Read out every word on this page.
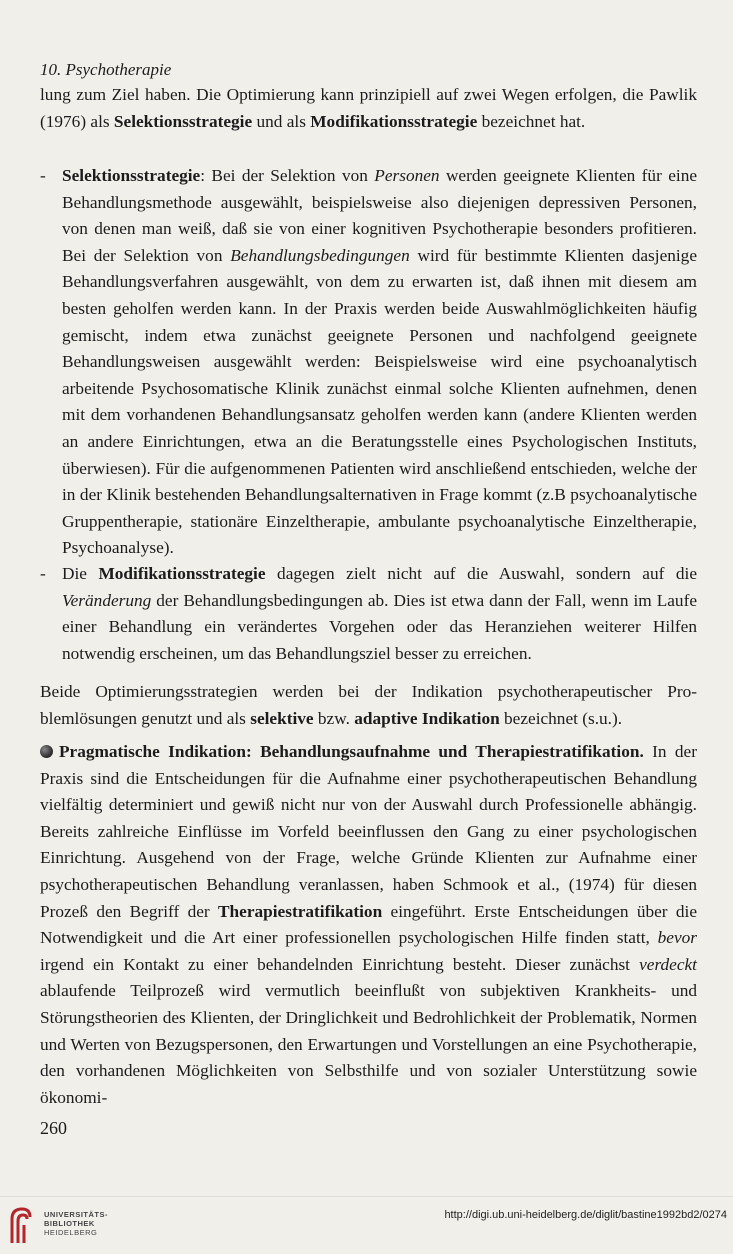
10. Psychotherapie

lung zum Ziel haben. Die Optimierung kann prinzipiell auf zwei Wegen erfolgen, die Pawlik (1976) als Selektionsstrategie und als Modifikationsstrategie bezeichnet hat.

- Selektionsstrategie: Bei der Selektion von Personen werden geeignete Klienten für eine Behandlungsmethode ausgewählt, beispielsweise also diejenigen depressiven Personen, von denen man weiß, daß sie von einer kognitiven Psychotherapie besonders profitieren. Bei der Selektion von Behandlungsbedingungen wird für bestimmte Klienten dasjenige Behandlungsverfahren ausgewählt, von dem zu erwarten ist, daß ihnen mit diesem am besten geholfen werden kann. In der Praxis werden beide Auswahlmöglichkeiten häufig gemischt, indem etwa zunächst geeignete Personen und nachfolgend geeignete Behandlungsweisen ausgewählt werden: Beispielsweise wird eine psychoanalytisch arbeitende Psychosomatische Klinik zunächst einmal solche Klienten aufnehmen, denen mit dem vorhandenen Behandlungsansatz geholfen werden kann (andere Klienten werden an andere Einrichtungen, etwa an die Beratungsstelle eines Psychologischen Instituts, überwiesen). Für die aufgenommenen Patienten wird anschließend entschieden, welche der in der Klinik bestehenden Behandlungsalternativen in Frage kommt (z.B psychoanalytische Gruppentherapie, stationäre Einzeltherapie, ambulante psychoanalytische Einzeltherapie, Psychoanalyse).

- Die Modifikationsstrategie dagegen zielt nicht auf die Auswahl, sondern auf die Veränderung der Behandlungsbedingungen ab. Dies ist etwa dann der Fall, wenn im Laufe einer Behandlung ein verändertes Vorgehen oder das Heranziehen weiterer Hilfen notwendig erscheinen, um das Behandlungsziel besser zu erreichen.

Beide Optimierungsstrategien werden bei der Indikation psychotherapeutischer Problemlösungen genutzt und als selektive bzw. adaptive Indikation bezeichnet (s.u.).

Pragmatische Indikation: Behandlungsaufnahme und Therapiestratifikation. In der Praxis sind die Entscheidungen für die Aufnahme einer psychotherapeutischen Behandlung vielfältig determiniert und gewiß nicht nur von der Auswahl durch Professionelle abhängig. Bereits zahlreiche Einflüsse im Vorfeld beeinflussen den Gang zu einer psychologischen Einrichtung. Ausgehend von der Frage, welche Gründe Klienten zur Aufnahme einer psychotherapeutischen Behandlung veranlassen, haben Schmook et al., (1974) für diesen Prozeß den Begriff der Therapiestratifikation eingeführt. Erste Entscheidungen über die Notwendigkeit und die Art einer professionellen psychologischen Hilfe finden statt, bevor irgend ein Kontakt zu einer behandelnden Einrichtung besteht. Dieser zunächst verdeckt ablaufende Teilprozeß wird vermutlich beeinflußt von subjektiven Krankheits- und Störungstheorien des Klienten, der Dringlichkeit und Bedrohlichkeit der Problematik, Normen und Werten von Bezugspersonen, den Erwartungen und Vorstellungen an eine Psychotherapie, den vorhandenen Möglichkeiten von Selbsthilfe und von sozialer Unterstützung sowie ökonomi-

260
UNIVERSITÄTS-
BIBLIOTHEK
HEIDELBERG
http://digi.ub.uni-heidelberg.de/diglit/bastine1992bd2/0274
